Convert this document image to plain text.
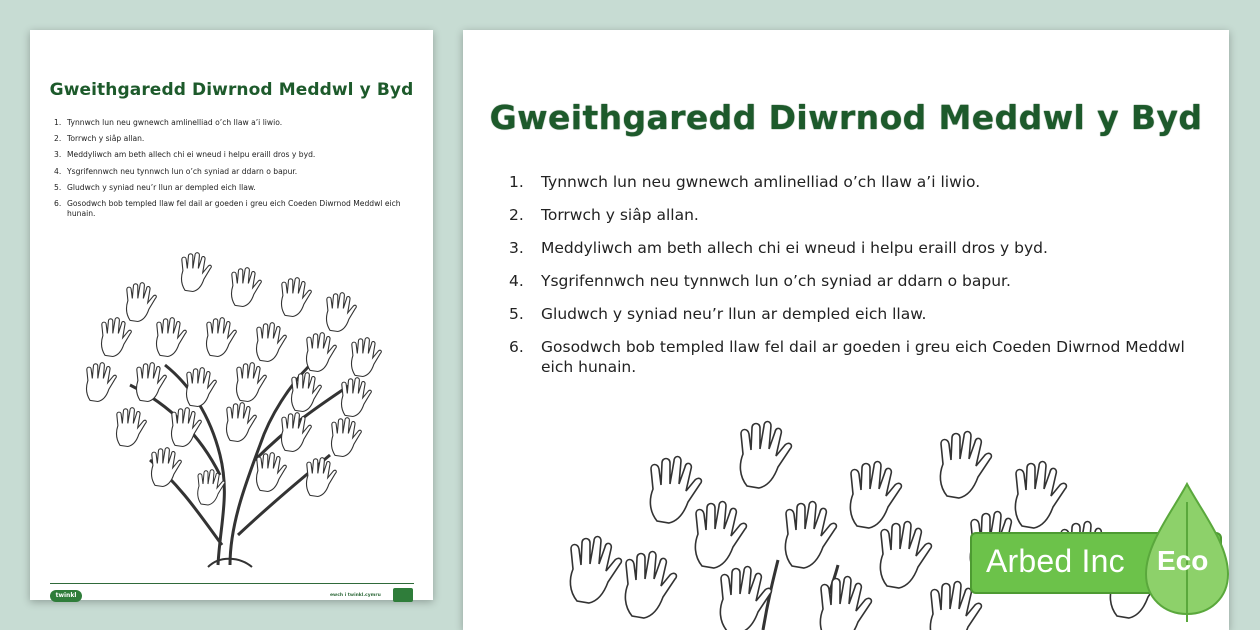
Gweithgaredd Diwrnod Meddwl y Byd
1. Tynnwch lun neu gwnewch amlinelliad o’ch llaw a’i liwio.
2. Torrwch y siâp allan.
3. Meddyliwch am beth allech chi ei wneud i helpu eraill dros y byd.
4. Ysgrifennwch neu tynnwch lun o’ch syniad ar ddarn o bapur.
5. Gludwch y syniad neu’r llun ar dempled eich llaw.
6. Gosodwch bob templed llaw fel dail ar goeden i greu eich Coeden Diwrnod Meddwl eich hunain.
twinkl	ewch i twinkl.cymru
Gweithgaredd Diwrnod Meddwl y Byd
1.	Tynnwch lun neu gwnewch amlinelliad o’ch llaw a’i liwio.
2.	Torrwch y siâp allan.
3.	Meddyliwch am beth allech chi ei wneud i helpu eraill dros y byd.
4.	Ysgrifennwch neu tynnwch lun o’ch syniad ar ddarn o bapur.
5.	Gludwch y syniad neu’r llun ar dempled eich llaw.
6.	Gosodwch bob templed llaw fel dail ar goeden i greu eich Coeden Diwrnod Meddwl eich hunain.
Arbed Inc Eco
